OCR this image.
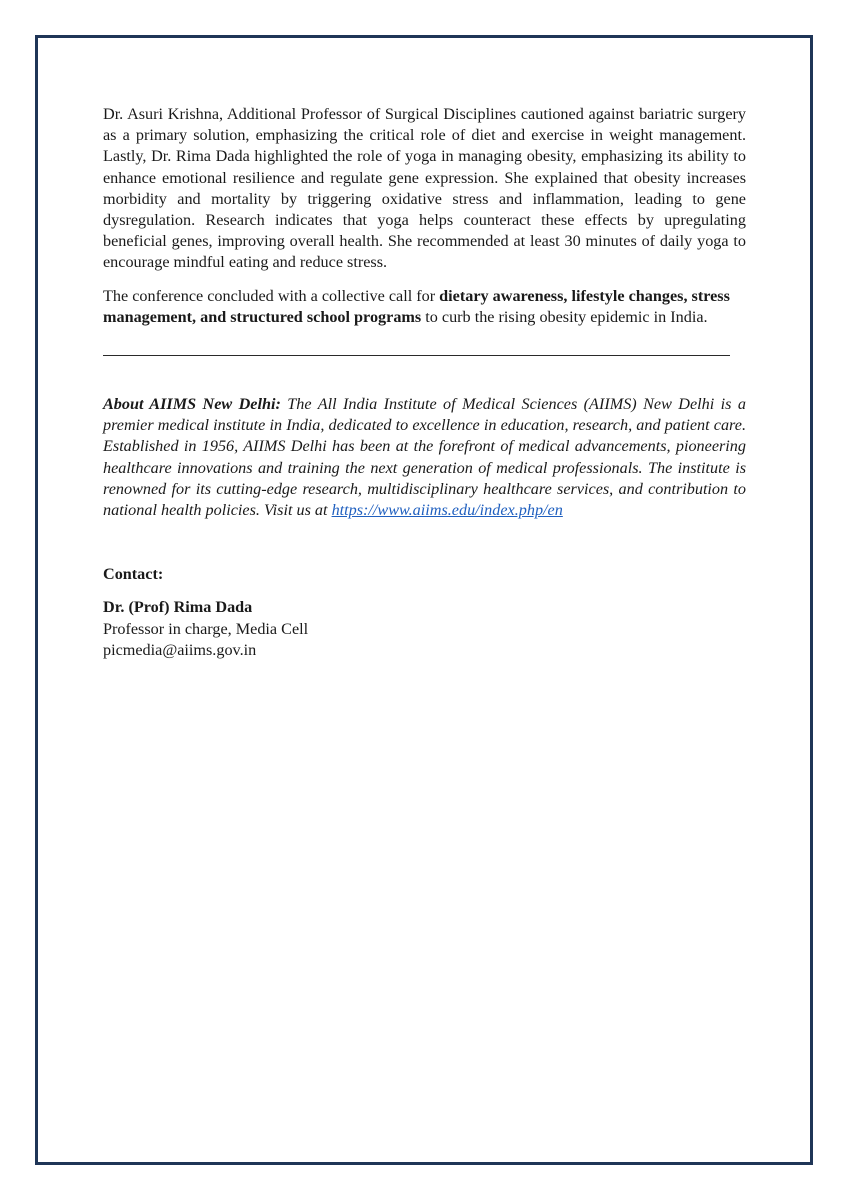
Dr. Asuri Krishna, Additional Professor of Surgical Disciplines cautioned against bariatric surgery as a primary solution, emphasizing the critical role of diet and exercise in weight management. Lastly, Dr. Rima Dada highlighted the role of yoga in managing obesity, emphasizing its ability to enhance emotional resilience and regulate gene expression. She explained that obesity increases morbidity and mortality by triggering oxidative stress and inflammation, leading to gene dysregulation. Research indicates that yoga helps counteract these effects by upregulating beneficial genes, improving overall health. She recommended at least 30 minutes of daily yoga to encourage mindful eating and reduce stress.

The conference concluded with a collective call for dietary awareness, lifestyle changes, stress management, and structured school programs to curb the rising obesity epidemic in India.

About AIIMS New Delhi: The All India Institute of Medical Sciences (AIIMS) New Delhi is a premier medical institute in India, dedicated to excellence in education, research, and patient care. Established in 1956, AIIMS Delhi has been at the forefront of medical advancements, pioneering healthcare innovations and training the next generation of medical professionals. The institute is renowned for its cutting-edge research, multidisciplinary healthcare services, and contribution to national health policies. Visit us at https://www.aiims.edu/index.php/en

Contact:

Dr. (Prof) Rima Dada

Professor in charge, Media Cell

picmedia@aiims.gov.in
